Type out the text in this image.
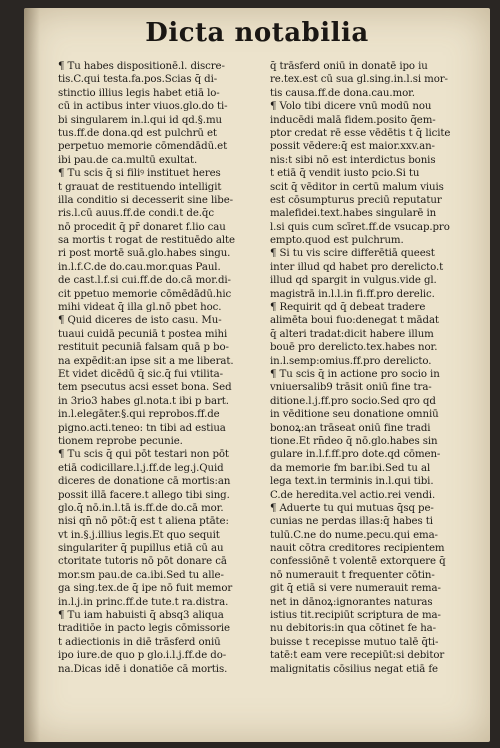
Dicta notabilia
¶ Tu habes dispositionē.l. discre-
tis.C.qui testa.fa.pos.Scias q̄ di-
stinctio illius legis habet etiā lo-
cū in actibus inter viuos.glo.do ti-
bi singularem in.l.qui id qd.§.mu
tus.ff.de dona.qd est pulchrū et
perpetuo memorie cōmendādū.et
ibi pau.de ca.multū exultat.
¶ Tu scis q̄ si filiꝰ instituet heres
t grauat de restituendo intelligit
illa conditio si decesserit sine libe-
ris.l.cū auus.ff.de condi.t de.q̄c
nō procedit q̄ pr̄ donaret f.lio cau
sa mortis t rogat de restituēdo alte
ri post mortē suā.glo.habes singu.
in.l.f.C.de do.cau.mor.quas Paul.
de cast.l.f.si cui.ff.de do.cā mor.di-
cit ppetuo memorie cōmēdādū.hic
mihi videat q̄ illa gl.nō pbet hoc.
¶ Quid diceres de isto casu. Mu-
tuaui cuidā pecuniā t postea mihi
restituit pecuniā falsam quā p bo-
na expēdit:an ipse sit a me liberat.
Et videt dicēdū q̄ sic.q̄ fui vtilita-
tem psecutus acsi esset bona. Sed
in 3rio3 habes gl.nota.t ibi p bart.
in.l.elegāter.§.qui reprobos.ff.de
pigno.acti.teneo: tn tibi ad estiua
tionem reprobe pecunie.
¶ Tu scis q̄ qui pōt testari non pōt
etiā codicillare.l.j.ff.de leg.j.Quid
diceres de donatione cā mortis:an
possit illā facere.t allego tibi sing.
glo.q̄ nō.in.l.tā is.ff.de do.cā mor.
nisi qn̄ nō pōt:q̄ est t aliena ptāte:
vt in.§.j.illius legis.Et quo sequit
singulariter q̄ pupillus etiā cū au
ctoritate tutoris nō pōt donare cā
mor.sm pau.de ca.ibi.Sed tu alle-
ga sing.tex.de q̄ ipe nō fuit memor
in.l.j.in princ.ff.de tute.t ra.distra.
¶ Tu iam habuisti q̄ absq3 aliqua
traditiōe in pacto legis cōmissorie
t adiectionis in diē trāsferd oniū
ipo iure.de quo p glo.i.l.j.ff.de do-
na.Dicas idē i donatiōe cā mortis.
q̄ trāsferd oniū in donatē ipo iu
re.tex.est cū sua gl.sing.in.l.si mor-
tis causa.ff.de dona.cau.mor.
¶ Volo tibi dicere vnū modū nou
inducēdi malā fidem.posito q̄em-
ptor credat rē esse vēdētis t q̄ licite
possit vēdere:q̄ est maior.xxv.an-
nis:t sibi nō est interdictus bonis
t etiā q̄ vendit iusto pcio.Si tu
scit q̄ vēditor in certū malum viuis
est cōsumpturus preciū reputatur
malefidei.text.habes singularē in
l.si quis cum scīret.ff.de vsucap.pro
empto.quod est pulchrum.
¶ Si tu vis scire differētiā queest
inter illud qd̄ habet pro derelicto.t
illud qd̄ spargit in vulgus.vide gl.
magistrā in.l.l.in fi.ff.pro derelic.
¶ Requirit qd̄ q̄ debeat tradere
alimēta boui fuo:denegat t mādat
q̄ alteri tradat:dicit habere illum
bouē pro derelicto.tex.habes nor.
in.l.semp:omius.ff.pro derelicto.
¶ Tu scis q̄ in actione pro socio in
vniuersalib9 trāsit oniū fine tra-
ditione.l.j.ff.pro socio.Sed qro qd̄
in vēditione seu donatione omniū
bonoꝝ:an trāseat oniū fine tradi
tione.Et rn̄deo q̄ nō.glo.habes sin
gulare in.l.f.ff.pro dote.qd cōmen-
da memorie fm bar.ibi.Sed tu al
lega text.in terminis in.l.qui tibi.
C.de heredita.vel actio.rei vendi.
¶ Aduerte tu qui mutuas q̄sq pe-
cunias ne perdas illas:q̄ habes ti
tulū.C.ne do nume.pecu.qui ema-
nauit cōtra creditores recipientem
confessiōnē t volentē extorquere q̄
nō numerauit t frequenter cōtin-
git q̄ etiā si vere numerauit rema-
net in dānoꝝ:ignorantes naturas
istius tit.recipiūt scriptura de ma-
nu debitoris:in qua cōtinet fe ha-
buisse t recepisse mutuo talē q̄ti-
tatē:t eam vere recepiūt:si debitor
malignitatis cōsilius negat etiā fe
